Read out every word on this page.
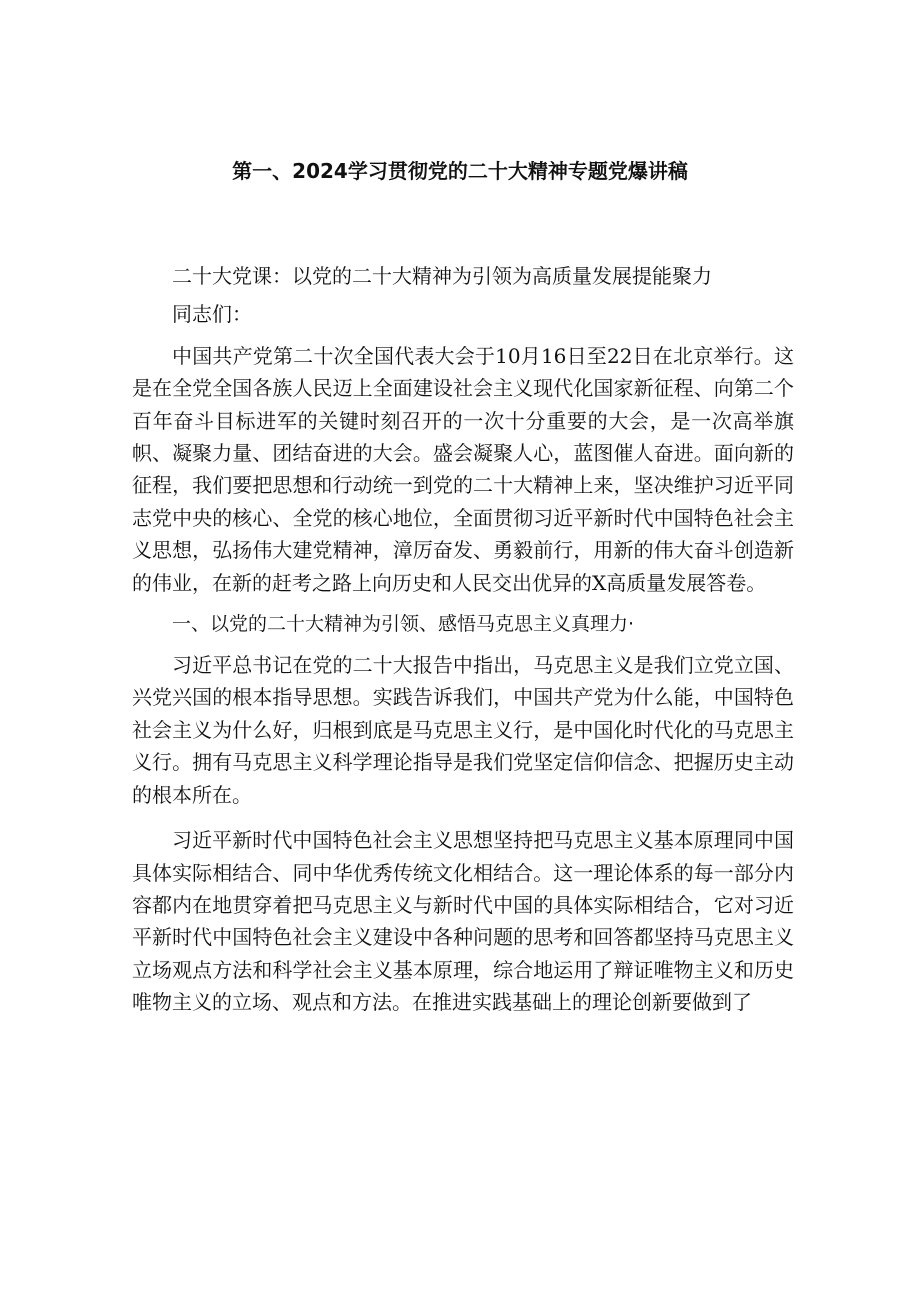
第一、2024学习贯彻党的二十大精神专题党爆讲稿

二十大党课：以党的二十大精神为引领为高质量发展提能聚力

同志们：

中国共产党第二十次全国代表大会于10月16日至22日在北京举行。这是在全党全国各族人民迈上全面建设社会主义现代化国家新征程、向第二个百年奋斗目标进军的关键时刻召开的一次十分重要的大会，是一次高举旗帜、凝聚力量、团结奋进的大会。盛会凝聚人心，蓝图催人奋进。面向新的征程，我们要把思想和行动统一到党的二十大精神上来，坚决维护习近平同志党中央的核心、全党的核心地位，全面贯彻习近平新时代中国特色社会主义思想，弘扬伟大建党精神，漳厉奋发、勇毅前行，用新的伟大奋斗创造新的伟业，在新的赶考之路上向历史和人民交出优异的X高质量发展答卷。

一、以党的二十大精神为引领、感悟马克思主义真理力·

习近平总书记在党的二十大报告中指出，马克思主义是我们立党立国、兴党兴国的根本指导思想。实践告诉我们，中国共产党为什么能，中国特色社会主义为什么好，归根到底是马克思主义行，是中国化时代化的马克思主义行。拥有马克思主义科学理论指导是我们党坚定信仰信念、把握历史主动的根本所在。

习近平新时代中国特色社会主义思想坚持把马克思主义基本原理同中国具体实际相结合、同中华优秀传统文化相结合。这一理论体系的每一部分内容都内在地贯穿着把马克思主义与新时代中国的具体实际相结合，它对习近平新时代中国特色社会主义建设中各种问题的思考和回答都坚持马克思主义立场观点方法和科学社会主义基本原理，综合地运用了辩证唯物主义和历史唯物主义的立场、观点和方法。在推进实践基础上的理论创新要做到了
